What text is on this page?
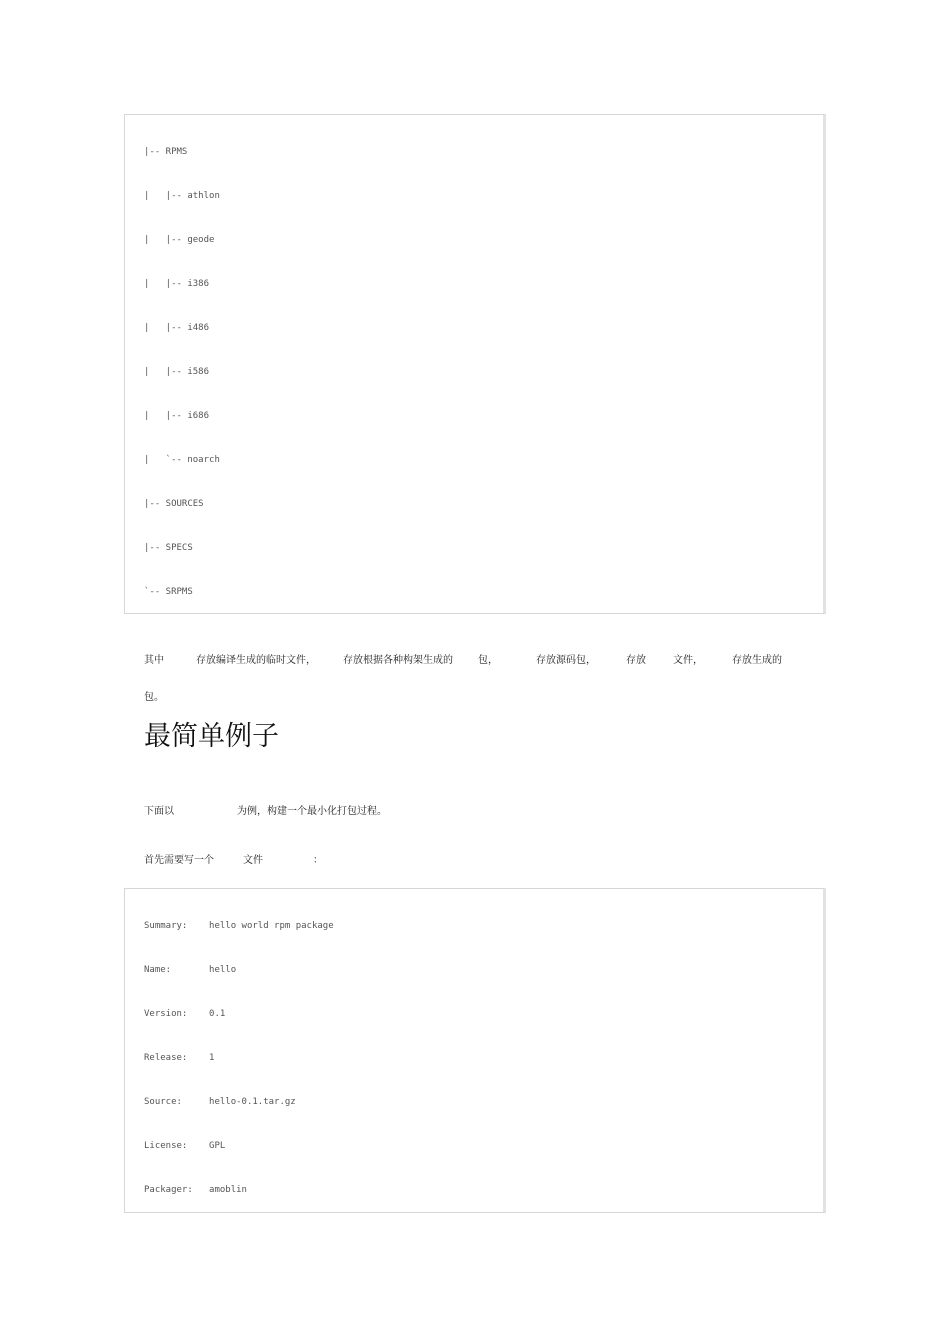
|-- RPMS
|   |-- athlon
|   |-- geode
|   |-- i386
|   |-- i486
|   |-- i586
|   |-- i686
|   `-- noarch
|-- SOURCES
|-- SPECS
`-- SRPMS
其中	存放编译生成的临时文件，	存放根据各种构架生成的	包，	存放源码包，	存放	文件，	存放生成的
包。
最简单例子
下面以	为例，构建一个最小化打包过程。
首先需要写一个	文件	：
Summary:    hello world rpm package
Name:       hello
Version:    0.1
Release:    1
Source:     hello-0.1.tar.gz
License:    GPL
Packager:   amoblin
